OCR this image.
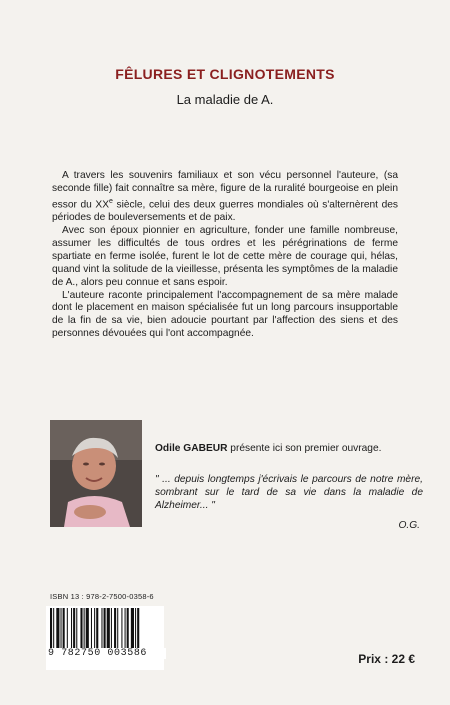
FÊLURES ET CLIGNOTEMENTS
La maladie de A.

A travers les souvenirs familiaux et son vécu personnel l'auteure, (sa seconde fille) fait connaître sa mère, figure de la ruralité bourgeoise en plein essor du XXe siècle, celui des deux guerres mondiales où s'alternèrent des périodes de bouleversements et de paix.

Avec son époux pionnier en agriculture, fonder une famille nombreuse, assumer les difficultés de tous ordres et les pérégrinations de ferme spartiate en ferme isolée, furent le lot de cette mère de courage qui, hélas, quand vint la solitude de la vieillesse, présenta les symptômes de la maladie de A., alors peu connue et sans espoir.

L'auteure raconte principalement l'accompagnement de sa mère malade dont le placement en maison spécialisée fut un long parcours insupportable de la fin de sa vie, bien adoucie pourtant par l'affection des siens et des personnes dévouées qui l'ont accompagnée.

Odile GABEUR présente ici son premier ouvrage.
" ... depuis longtemps j'écrivais le parcours de notre mère, sombrant sur le tard de sa vie dans la maladie de Alzheimer... "
O.G.
ISBN 13 : 978-2-7500-0358-6
9 782750 003586	Prix : 22 €
